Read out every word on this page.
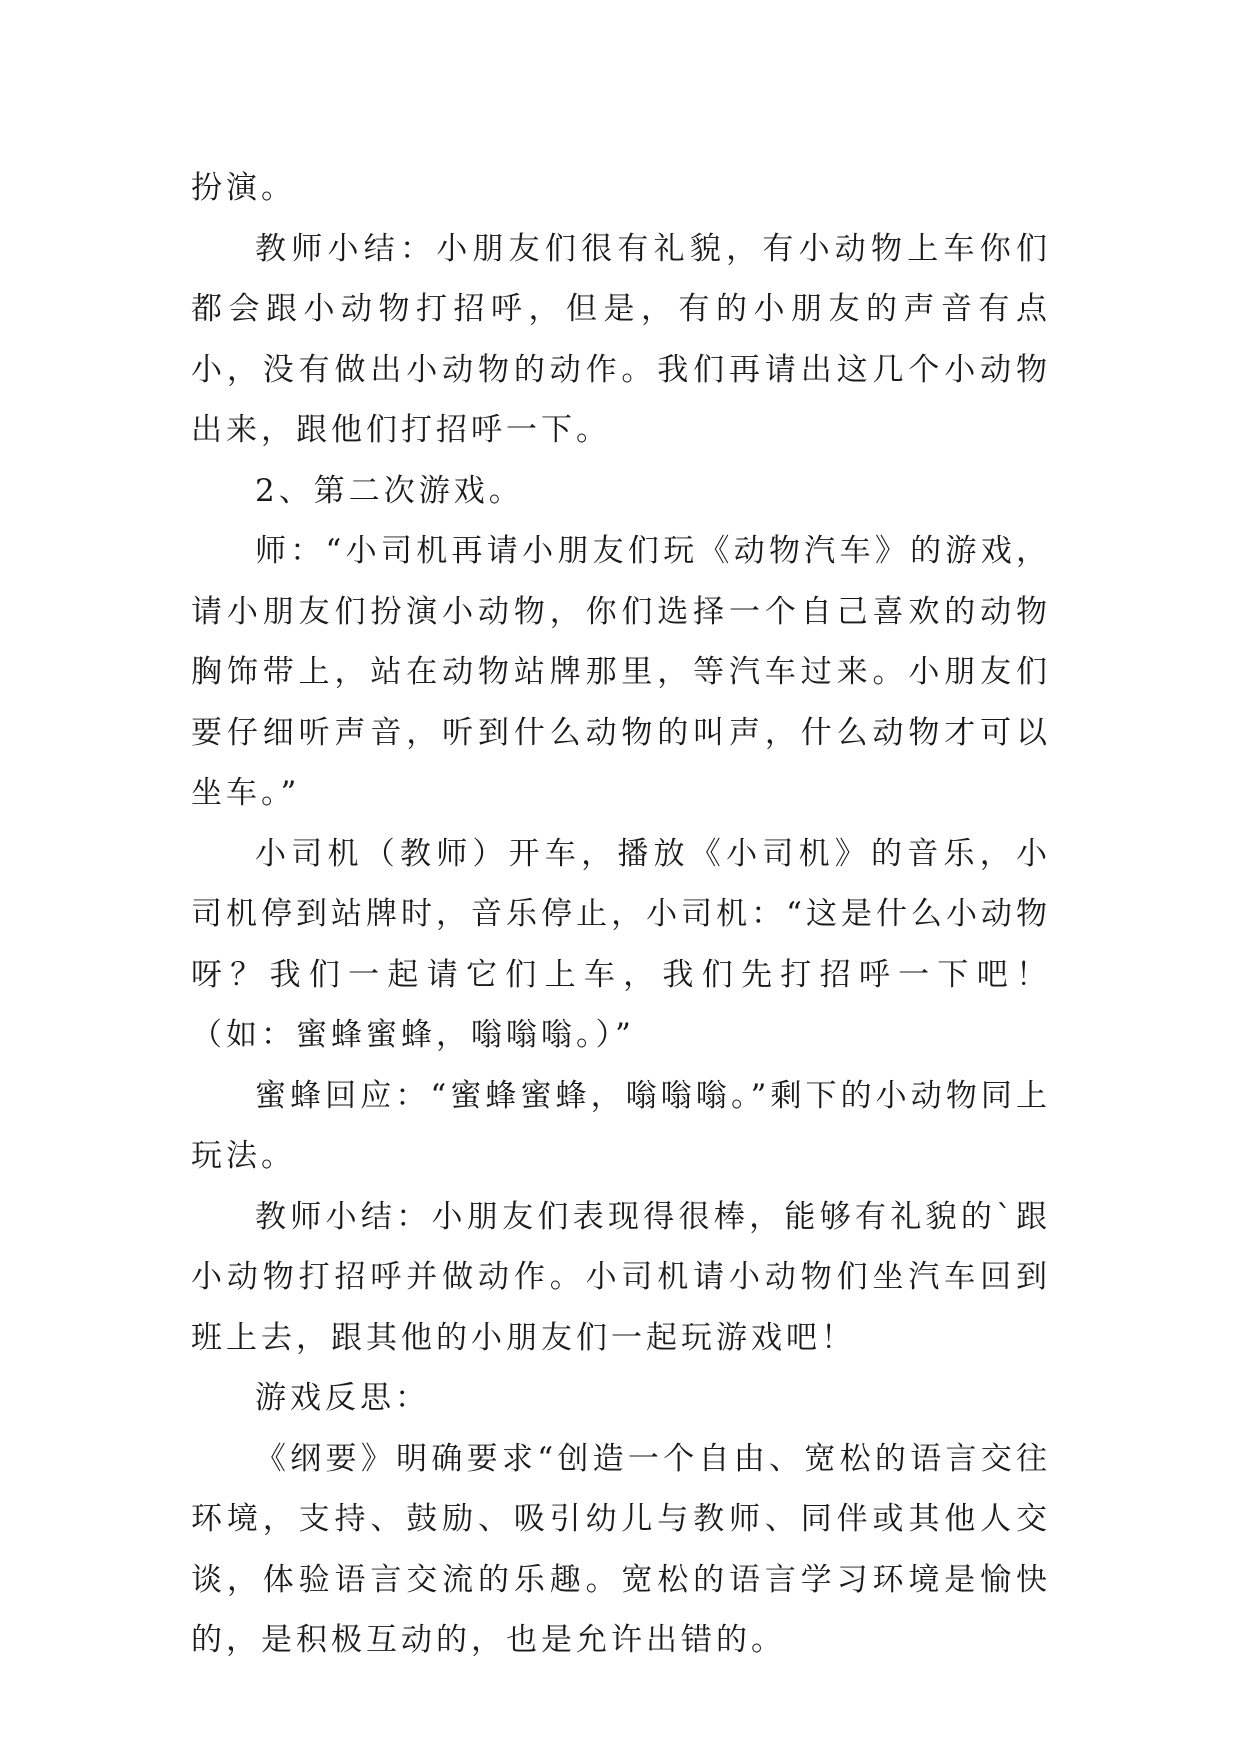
扮演。

教师小结：小朋友们很有礼貌，有小动物上车你们都会跟小动物打招呼，但是，有的小朋友的声音有点小，没有做出小动物的动作。我们再请出这几个小动物出来，跟他们打招呼一下。

2、第二次游戏。

师：“小司机再请小朋友们玩《动物汽车》的游戏，请小朋友们扮演小动物，你们选择一个自己喜欢的动物胸饰带上，站在动物站牌那里，等汽车过来。小朋友们要仔细听声音，听到什么动物的叫声，什么动物才可以坐车。”

小司机（教师）开车，播放《小司机》的音乐，小司机停到站牌时，音乐停止，小司机：“这是什么小动物呀？我们一起请它们上车，我们先打招呼一下吧！（如：蜜蜂蜜蜂，嗡嗡嗡。）”

蜜蜂回应：“蜜蜂蜜蜂，嗡嗡嗡。”剩下的小动物同上玩法。

教师小结：小朋友们表现得很棒，能够有礼貌的`跟小动物打招呼并做动作。小司机请小动物们坐汽车回到班上去，跟其他的小朋友们一起玩游戏吧！

游戏反思：

《纲要》明确要求“创造一个自由、宽松的语言交往环境，支持、鼓励、吸引幼儿与教师、同伴或其他人交谈，体验语言交流的乐趣。宽松的语言学习环境是愉快的，是积极互动的，也是允许出错的。
